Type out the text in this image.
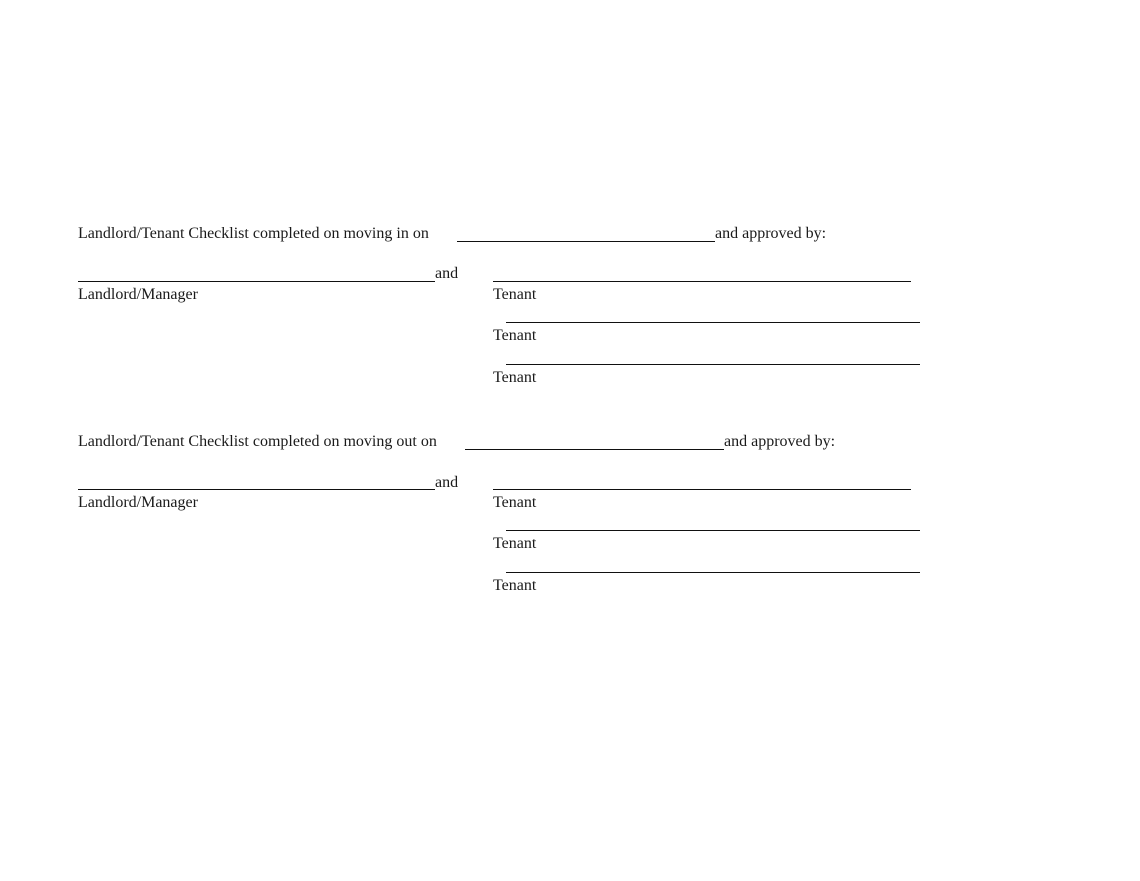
Landlord/Tenant Checklist completed on moving in on	and approved by:
and
Landlord/Manager	Tenant
Tenant
Tenant
Landlord/Tenant Checklist completed on moving out on	and approved by:
and
Landlord/Manager	Tenant
Tenant
Tenant
